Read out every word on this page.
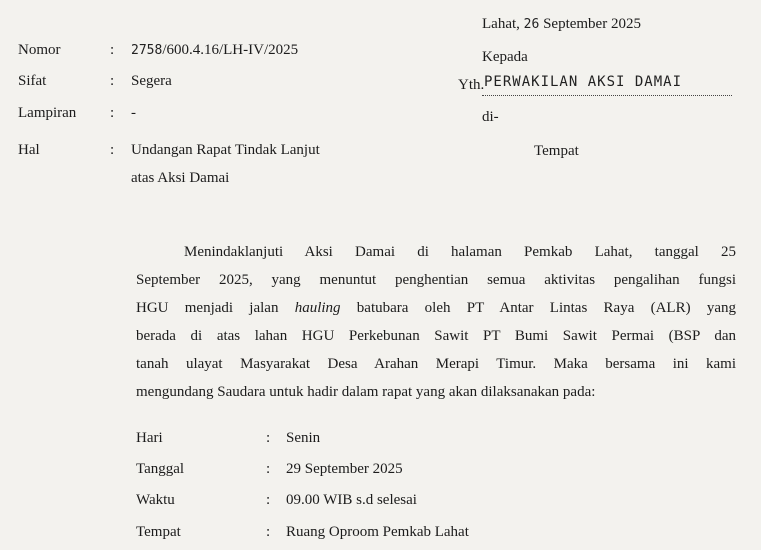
Lahat, 26 September 2025
Kepada
Yth. PERWAKILAN AKSI DAMAI
di-
Tempat
Nomor	: 2758/600.4.16/LH-IV/2025
Sifat	: Segera
Lampiran : -
Hal	: Undangan Rapat Tindak Lanjut
atas Aksi Damai
Menindaklanjuti Aksi Damai di halaman Pemkab Lahat, tanggal 25
September 2025, yang menuntut penghentian semua aktivitas pengalihan fungsi
HGU menjadi jalan hauling batubara oleh PT Antar Lintas Raya (ALR) yang
berada di atas lahan HGU Perkebunan Sawit PT Bumi Sawit Permai (BSP dan
tanah ulayat Masyarakat Desa Arahan Merapi Timur. Maka bersama ini kami
mengundang Saudara untuk hadir dalam rapat yang akan dilaksanakan pada:
Hari	: Senin
Tanggal	: 29 September 2025
Waktu	: 09.00 WIB s.d selesai
Tempat	: Ruang Oproom Pemkab Lahat
